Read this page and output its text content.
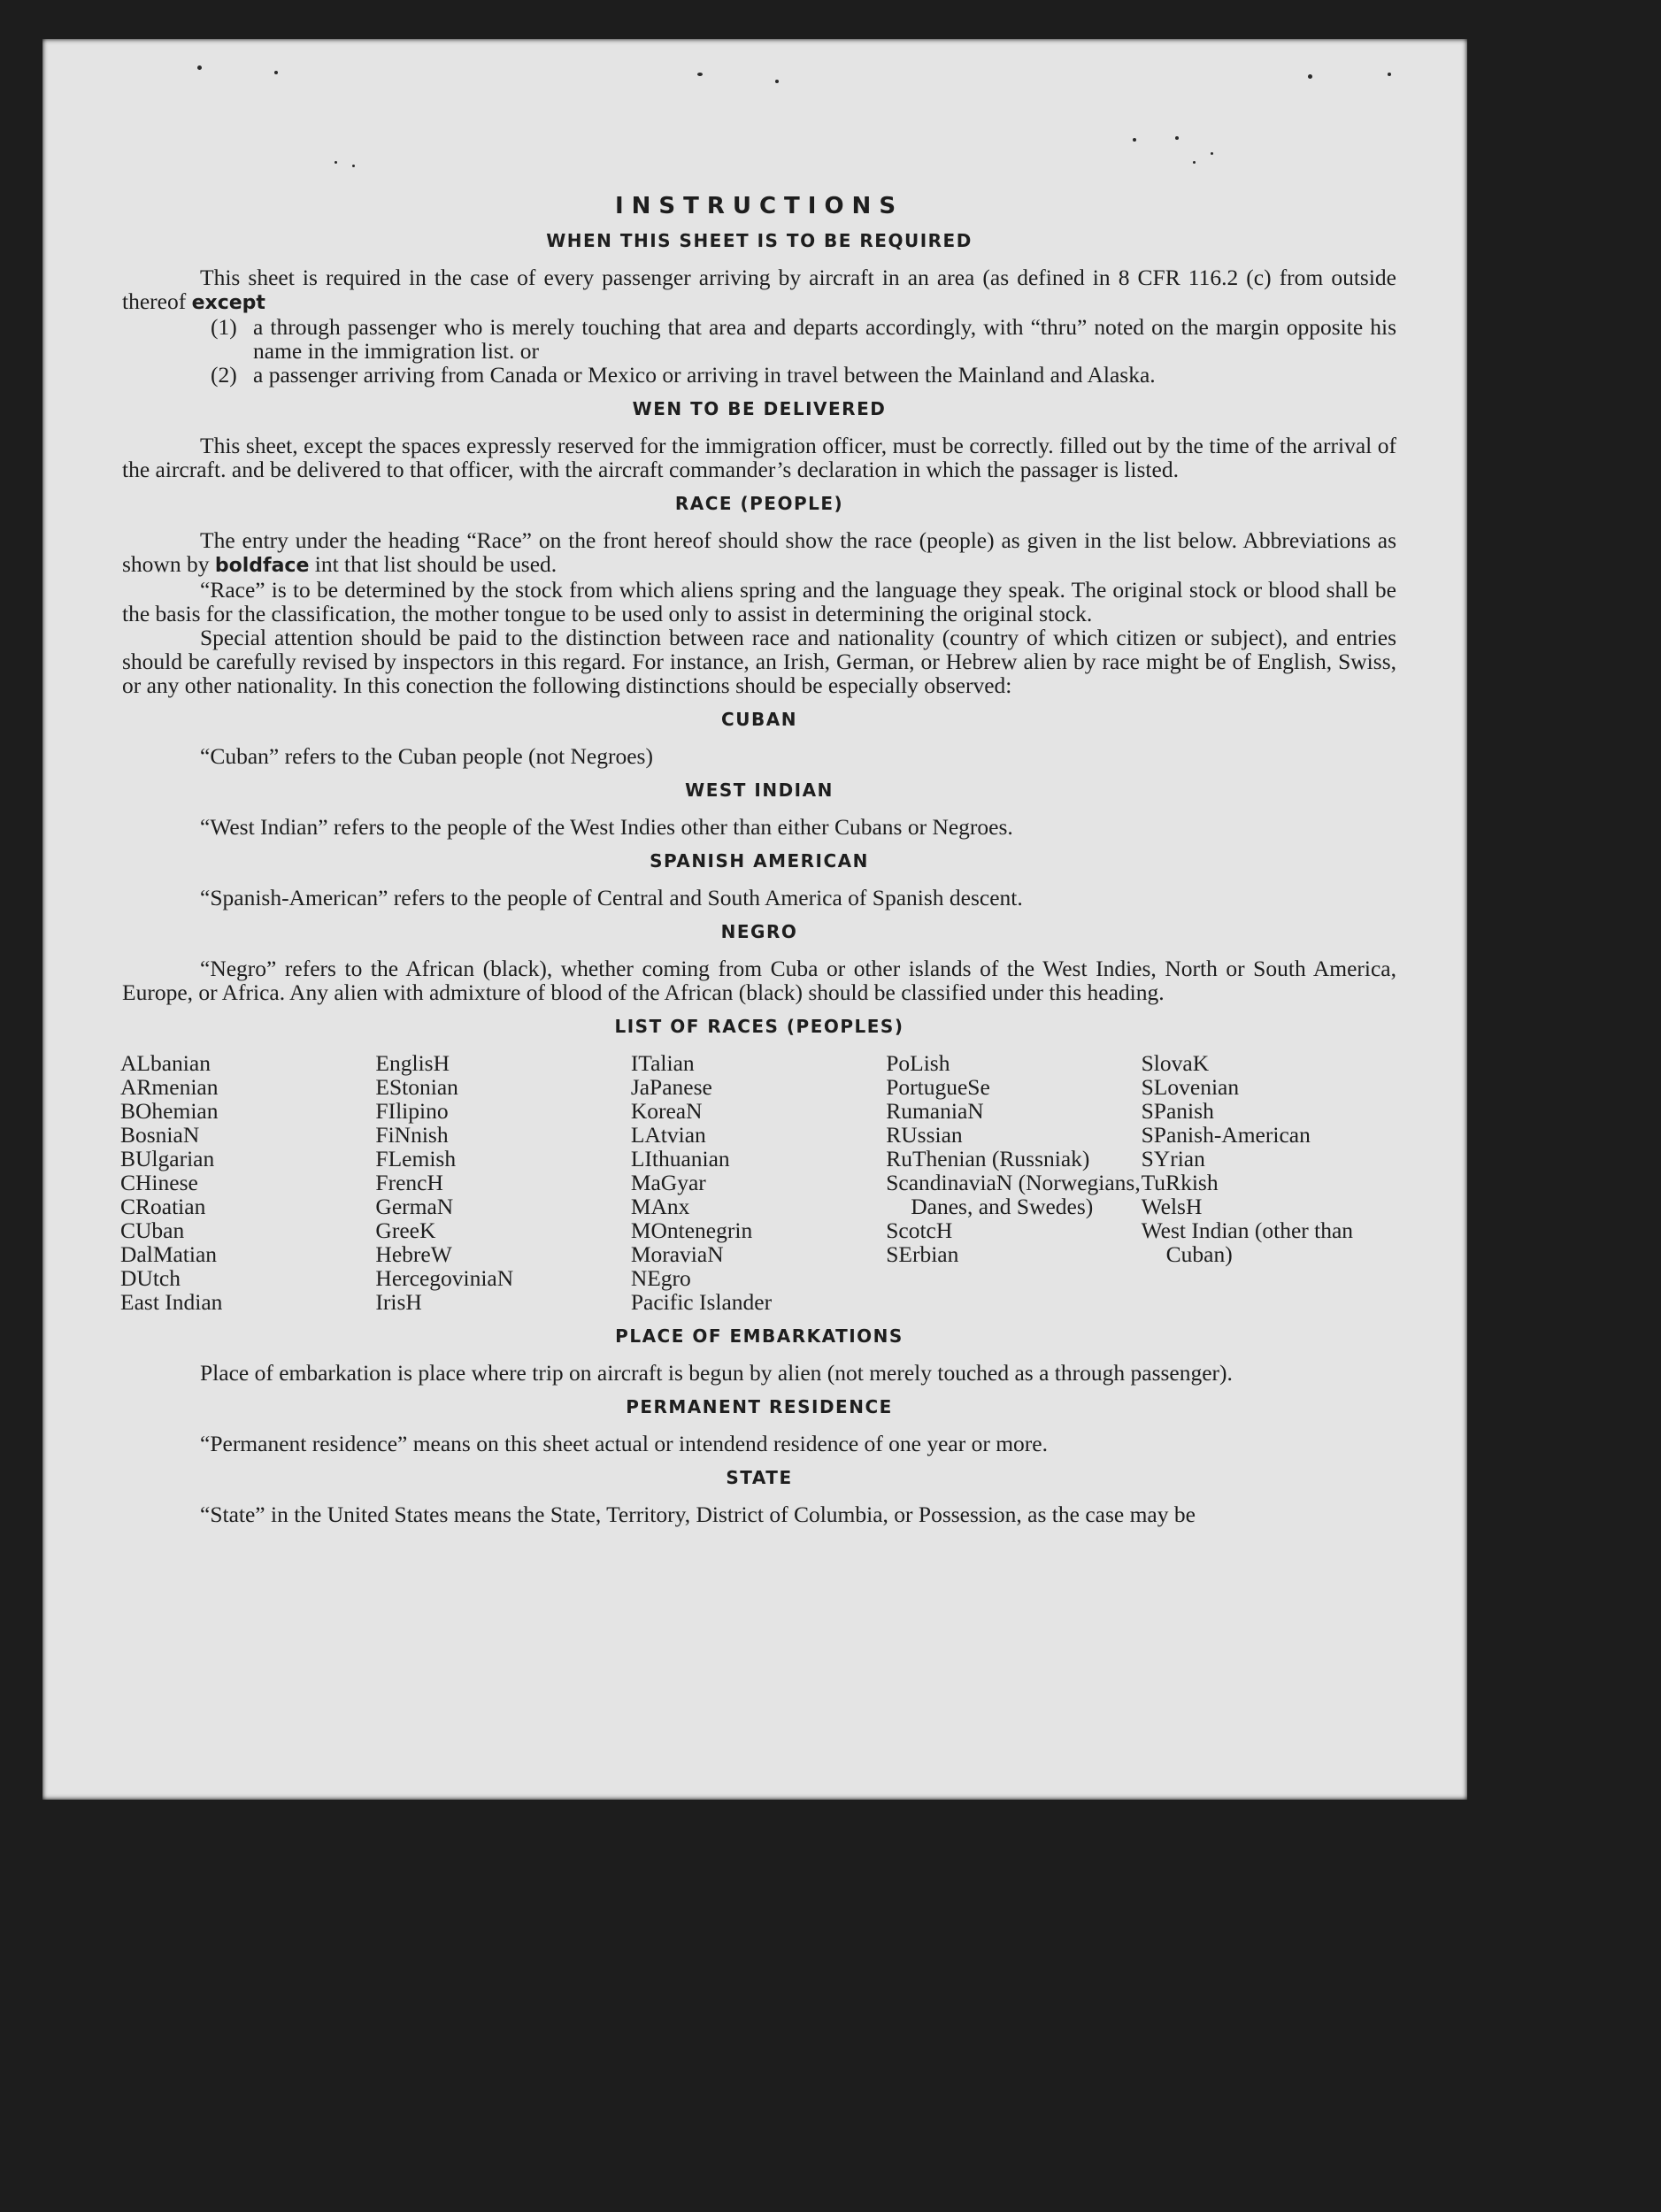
INSTRUCTIONS
WHEN THIS SHEET IS TO BE REQUIRED

This sheet is required in the case of every passenger arriving by aircraft in an area (as defined in 8 CFR 116.2 (c) from outside thereof except

(1) a through passenger who is merely touching that area and departs accordingly, with “thru” noted on the margin opposite his name in the immigration list. or
(2) a passenger arriving from Canada or Mexico or arriving in travel between the Mainland and Alaska.
WEN TO BE DELIVERED

This sheet, except the spaces expressly reserved for the immigration officer, must be correctly. filled out by the time of the arrival of the aircraft. and be delivered to that officer, with the aircraft commander’s declaration in which the passager is listed.

RACE (PEOPLE)

The entry under the heading “Race” on the front hereof should show the race (people) as given in the list below. Abbreviations as shown by boldface int that list should be used.

“Race” is to be determined by the stock from which aliens spring and the language they speak. The original stock or blood shall be the basis for the classification, the mother tongue to be used only to assist in determining the original stock.

Special attention should be paid to the distinction between race and nationality (country of which citizen or subject), and entries should be carefully revised by inspectors in this regard. For instance, an Irish, German, or Hebrew alien by race might be of English, Swiss, or any other nationality. In this conection the following distinctions should be especially observed:

CUBAN

“Cuban” refers to the Cuban people (not Negroes)

WEST INDIAN

“West Indian” refers to the people of the West Indies other than either Cubans or Negroes.

SPANISH AMERICAN

“Spanish-American” refers to the people of Central and South America of Spanish descent.

NEGRO

“Negro” refers to the African (black), whether coming from Cuba or other islands of the West Indies, North or South America, Europe, or Africa. Any alien with admixture of blood of the African (black) should be classified under this heading.

LIST OF RACES (PEOPLES)
ALbanian
ARmenian
BOhemian
BosniaN
BUlgarian
CHinese
CRoatian
CUban
DalMatian
DUtch
East Indian
EnglisH
EStonian
FIlipino
FiNnish
FLemish
FrencH
GermaN
GreeK
HebreW
HercegoviniaN
IrisH
ITalian
JaPanese
KoreaN
LAtvian
LIthuanian
MaGyar
MAnx
MOntenegrin
MoraviaN
NEgro
Pacific Islander
PoLish
PortugueSe
RumaniaN
RUssian
RuThenian (Russniak)
ScandinaviaN (Norwegians, Danes, and Swedes)
ScotcH
SErbian
SlovaK
SLovenian
SPanish
SPanish-American
SYrian
TuRkish
WelsH
West Indian (other than Cuban)
PLACE OF EMBARKATIONS

Place of embarkation is place where trip on aircraft is begun by alien (not merely touched as a through passenger).

PERMANENT RESIDENCE

“Permanent residence” means on this sheet actual or intendend residence of one year or more.

STATE

“State” in the United States means the State, Territory, District of Columbia, or Possession, as the case may be
